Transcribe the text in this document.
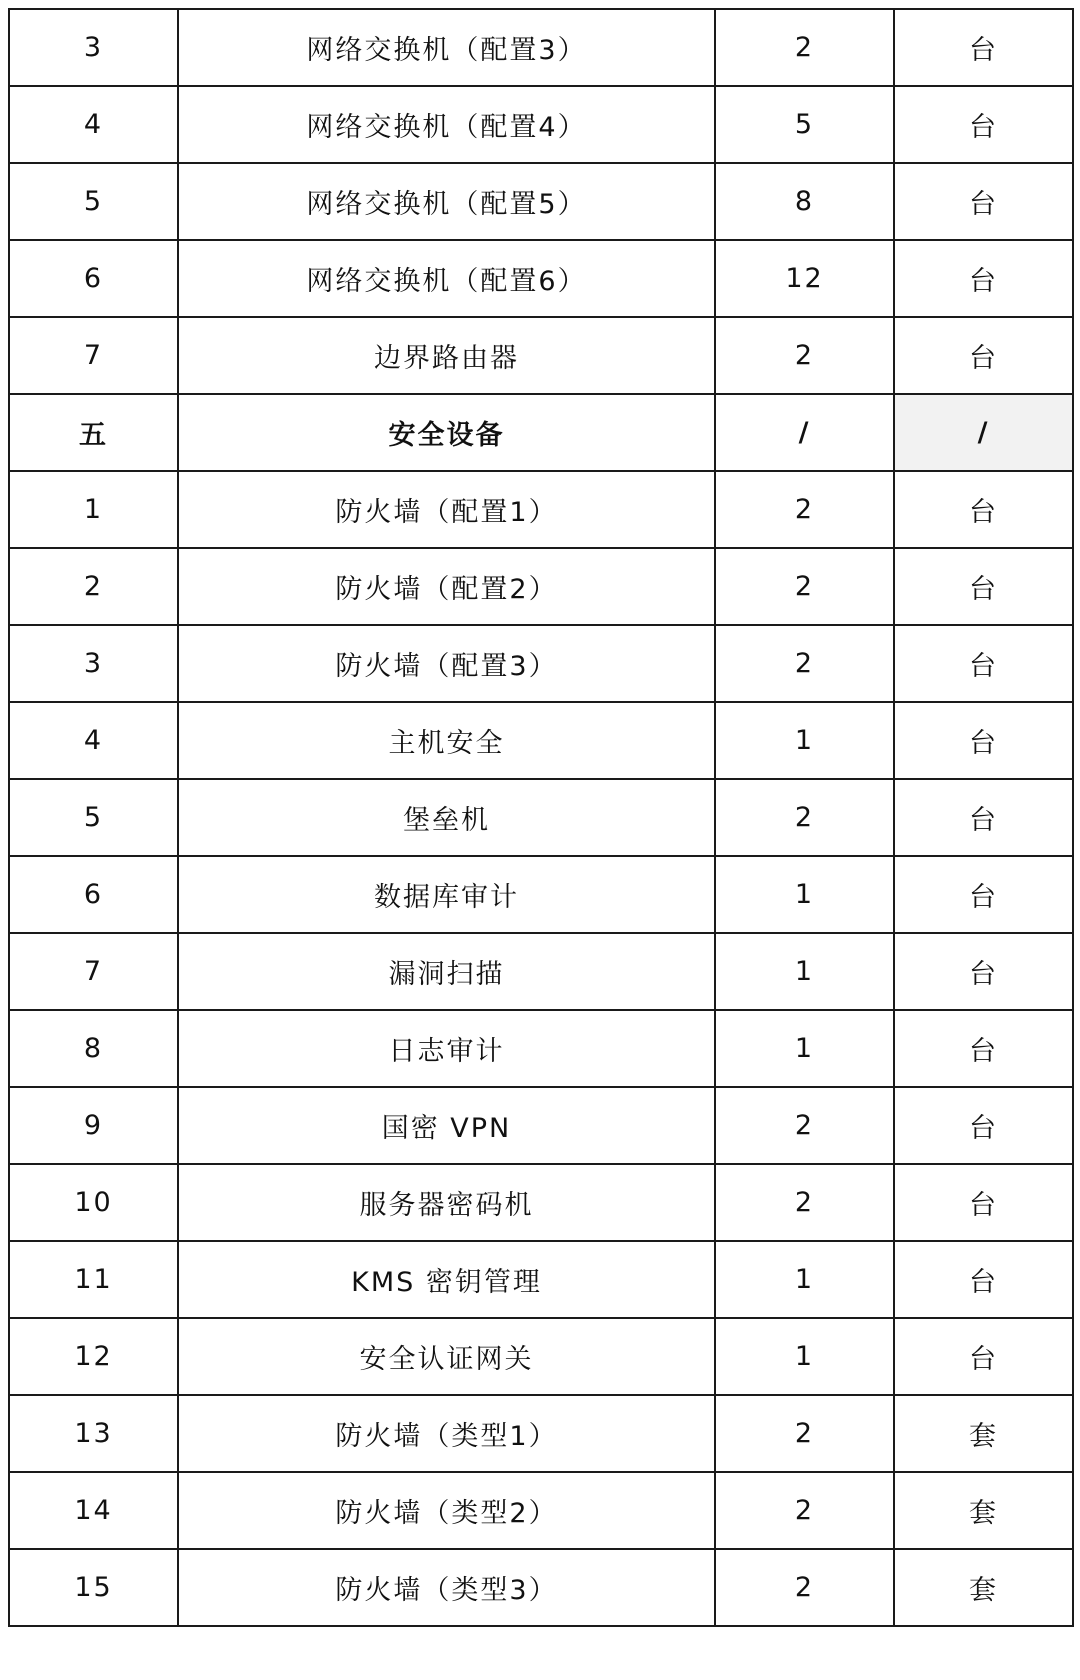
3	网络交换机（配置3）	2	台
4	网络交换机（配置4）	5	台
5	网络交换机（配置5）	8	台
6	网络交换机（配置6）	12	台
7	边界路由器	2	台
五	安全设备	/	/
1	防火墙（配置1）	2	台
2	防火墙（配置2）	2	台
3	防火墙（配置3）	2	台
4	主机安全	1	台
5	堡垒机	2	台
6	数据库审计	1	台
7	漏洞扫描	1	台
8	日志审计	1	台
9	国密 VPN	2	台
10	服务器密码机	2	台
11	KMS 密钥管理	1	台
12	安全认证网关	1	台
13	防火墙（类型1）	2	套
14	防火墙（类型2）	2	套
15	防火墙（类型3）	2	套
